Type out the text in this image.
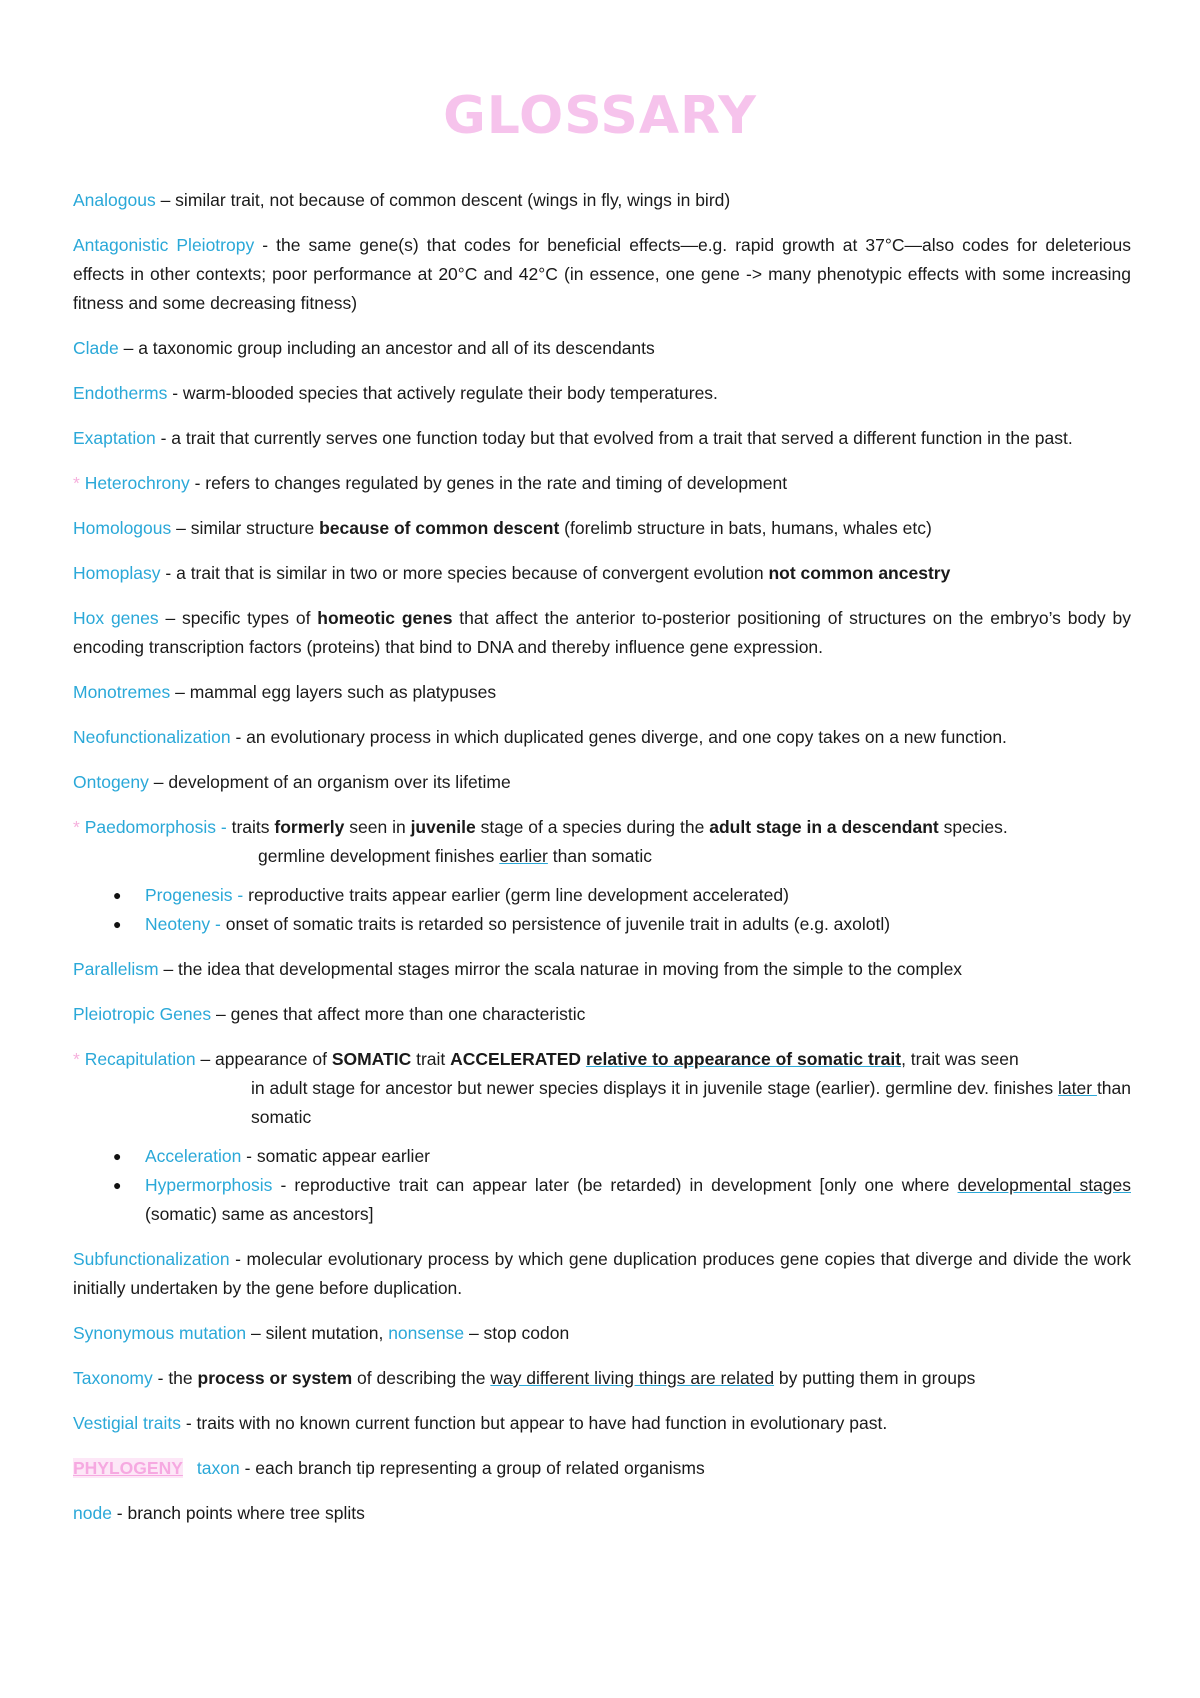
GLOSSARY

Analogous – similar trait, not because of common descent (wings in fly, wings in bird)

Antagonistic Pleiotropy - the same gene(s) that codes for beneficial effects—e.g. rapid growth at 37°C—also codes for deleterious effects in other contexts; poor performance at 20°C and 42°C (in essence, one gene -> many phenotypic effects with some increasing fitness and some decreasing fitness)

Clade – a taxonomic group including an ancestor and all of its descendants

Endotherms - warm-blooded species that actively regulate their body temperatures.

Exaptation - a trait that currently serves one function today but that evolved from a trait that served a different function in the past.

* Heterochrony - refers to changes regulated by genes in the rate and timing of development

Homologous – similar structure because of common descent (forelimb structure in bats, humans, whales etc)

Homoplasy - a trait that is similar in two or more species because of convergent evolution not common ancestry

Hox genes – specific types of homeotic genes that affect the anterior to-posterior positioning of structures on the embryo’s body by encoding transcription factors (proteins) that bind to DNA and thereby influence gene expression.

Monotremes – mammal egg layers such as platypuses

Neofunctionalization - an evolutionary process in which duplicated genes diverge, and one copy takes on a new function.

Ontogeny – development of an organism over its lifetime

* Paedomorphosis - traits formerly seen in juvenile stage of a species during the adult stage in a descendant species.

germline development finishes earlier than somatic

● Progenesis - reproductive traits appear earlier (germ line development accelerated)
● Neoteny - onset of somatic traits is retarded so persistence of juvenile trait in adults (e.g. axolotl)

Parallelism – the idea that developmental stages mirror the scala naturae in moving from the simple to the complex

Pleiotropic Genes – genes that affect more than one characteristic

* Recapitulation – appearance of SOMATIC trait ACCELERATED relative to appearance of somatic trait, trait was seen

in adult stage for ancestor but newer species displays it in juvenile stage (earlier). germline dev. finishes later than somatic

● Acceleration - somatic appear earlier
● Hypermorphosis - reproductive trait can appear later (be retarded) in development [only one where developmental stages (somatic) same as ancestors]

Subfunctionalization - molecular evolutionary process by which gene duplication produces gene copies that diverge and divide the work initially undertaken by the gene before duplication.

Synonymous mutation – silent mutation, nonsense – stop codon

Taxonomy - the process or system of describing the way different living things are related by putting them in groups

Vestigial traits - traits with no known current function but appear to have had function in evolutionary past.

PHYLOGENY taxon - each branch tip representing a group of related organisms

node - branch points where tree splits
